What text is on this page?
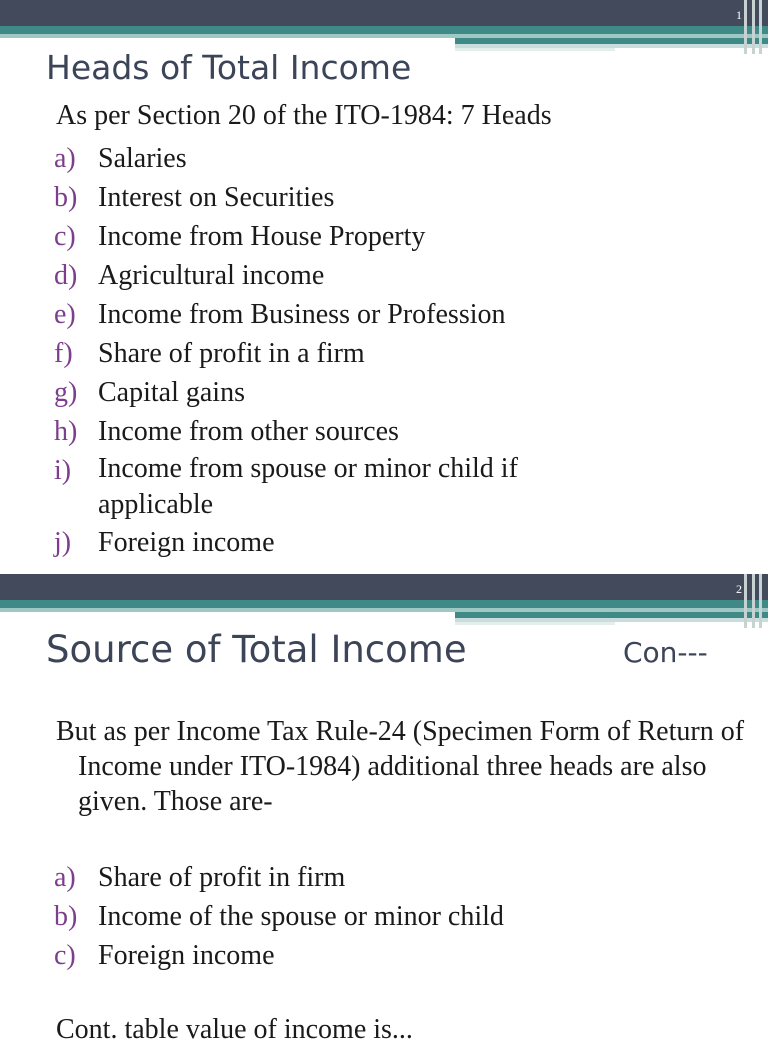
1
Heads of Total Income
As per Section 20 of the ITO-1984: 7 Heads
a) Salaries
b) Interest on Securities
c) Income from House Property
d) Agricultural income
e) Income from Business or Profession
f) Share of profit in a firm
g) Capital gains
h) Income from other sources
i) Income from spouse or minor child if applicable
j) Foreign income
2
Source of Total Income	Con---
But as per Income Tax Rule-24 (Specimen Form of Return of Income under ITO-1984) additional three heads are also given. Those are-
a) Share of profit in firm
b) Income of the spouse or minor child
c) Foreign income
Cont. table value of income is...
